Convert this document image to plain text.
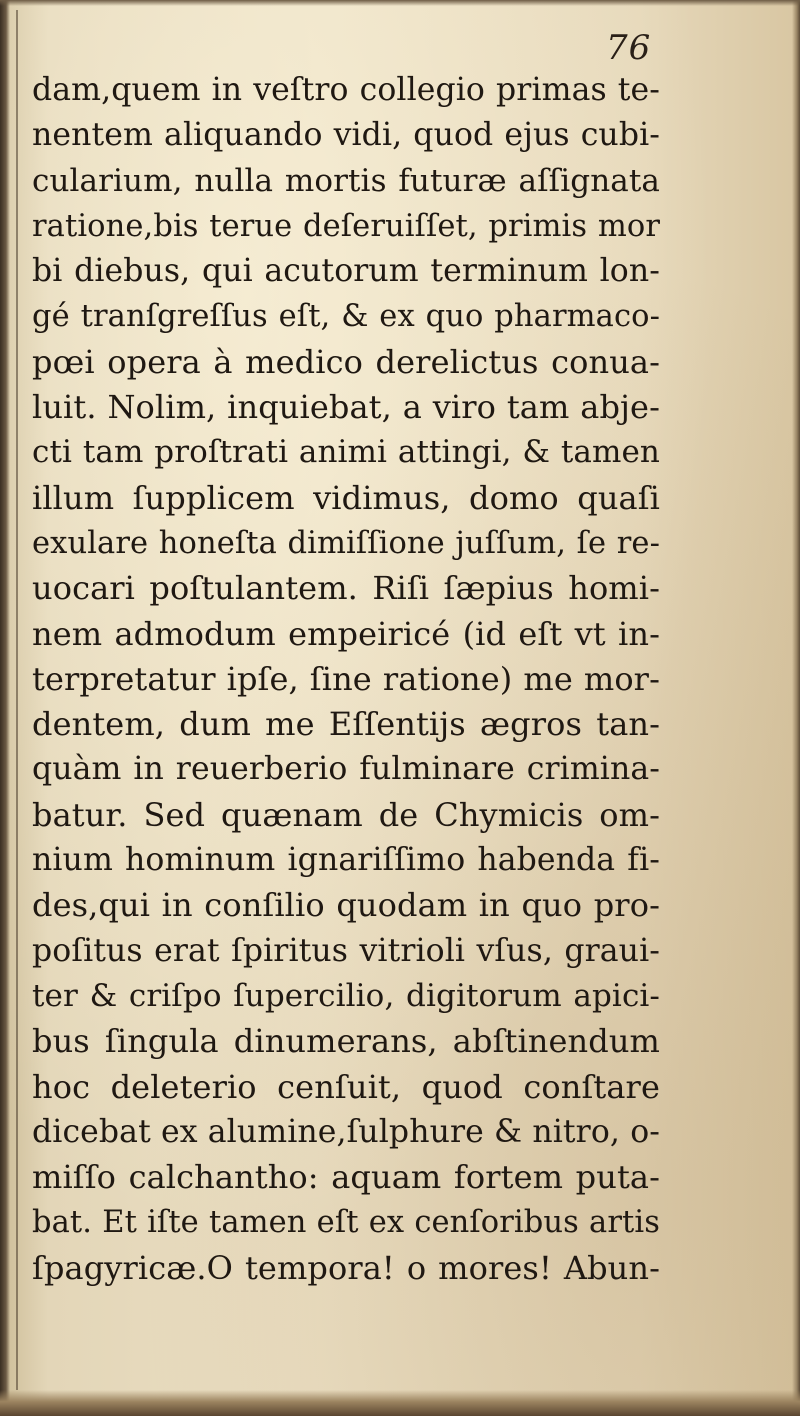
76
dam,quem in veſtro collegio primas te-
nentem aliquando vidi, quod ejus cubi-
cularium, nulla mortis futuræ aſſignata
ratione,bis terue deſeruiſſet, primis mor
bi diebus, qui acutorum terminum lon-
gé tranſgreſſus eſt, & ex quo pharmaco-
pœi opera à medico derelictus conua-
luit. Nolim, inquiebat, a viro tam abje-
cti tam proſtrati animi attingi, & tamen
illum ſupplicem vidimus, domo quaſi
exulare honeſta dimiſſione juſſum, ſe re-
uocari poſtulantem. Riſi ſæpius homi-
nem admodum empeiricé (id eſt vt in-
terpretatur ipſe, ſine ratione) me mor-
dentem, dum me Eſſentijs ægros tan-
quàm in reuerberio fulminare crimina-
batur. Sed quænam de Chymicis om-
nium hominum ignariſſimo habenda fi-
des,qui in conſilio quodam in quo pro-
poſitus erat ſpiritus vitrioli vſus, graui-
ter & criſpo ſupercilio, digitorum apici-
bus ſingula dinumerans, abſtinendum
hoc deleterio cenſuit, quod conſtare
dicebat ex alumine,ſulphure & nitro, o-
miſſo calchantho: aquam fortem puta-
bat. Et iſte tamen eſt ex cenſoribus artis
ſpagyricæ.O tempora! o mores! Abun-
